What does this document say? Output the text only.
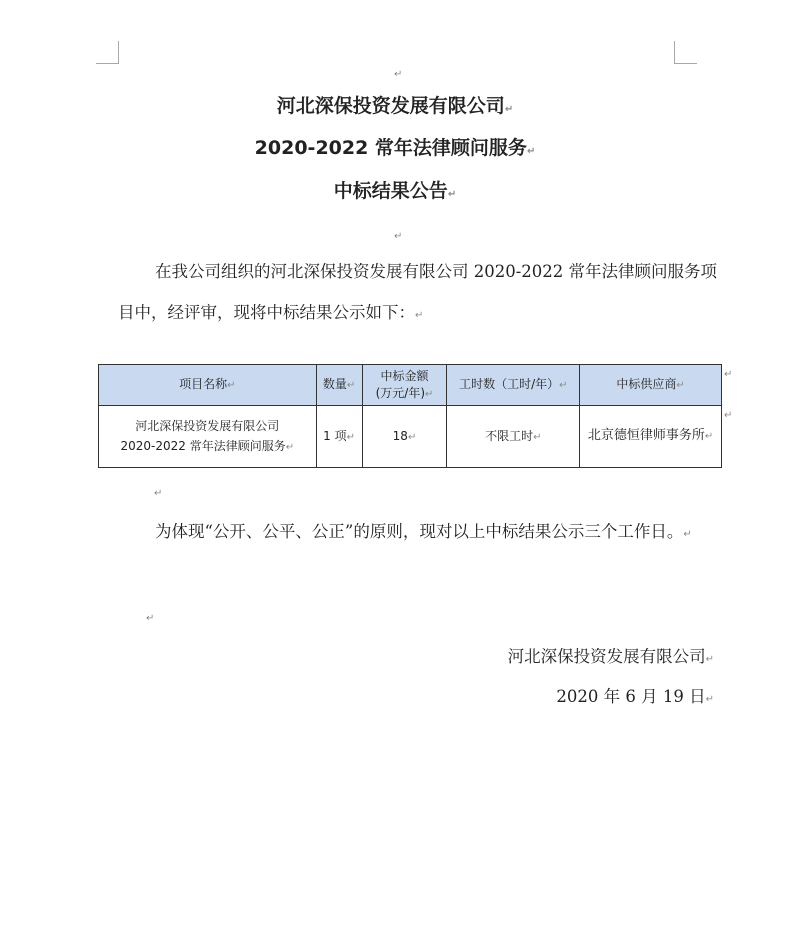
↵
河北深保投资发展有限公司↵
2020-2022 常年法律顾问服务↵
中标结果公告↵
↵
在我公司组织的河北深保投资发展有限公司 2020-2022 常年法律顾问服务项目中，经评审，现将中标结果公示如下：↵
项目名称↵	数量↵	中标金额
(万元/年)↵	工时数（工时/年）↵	中标供应商↵
河北深保投资发展有限公司
2020-2022 常年法律顾问服务↵	1 项↵	18↵	不限工时↵	北京德恒律师事务所↵
↵
↵
↵
为体现“公开、公平、公正”的原则，现对以上中标结果公示三个工作日。↵
↵
河北深保投资发展有限公司↵
2020 年 6 月 19 日↵
